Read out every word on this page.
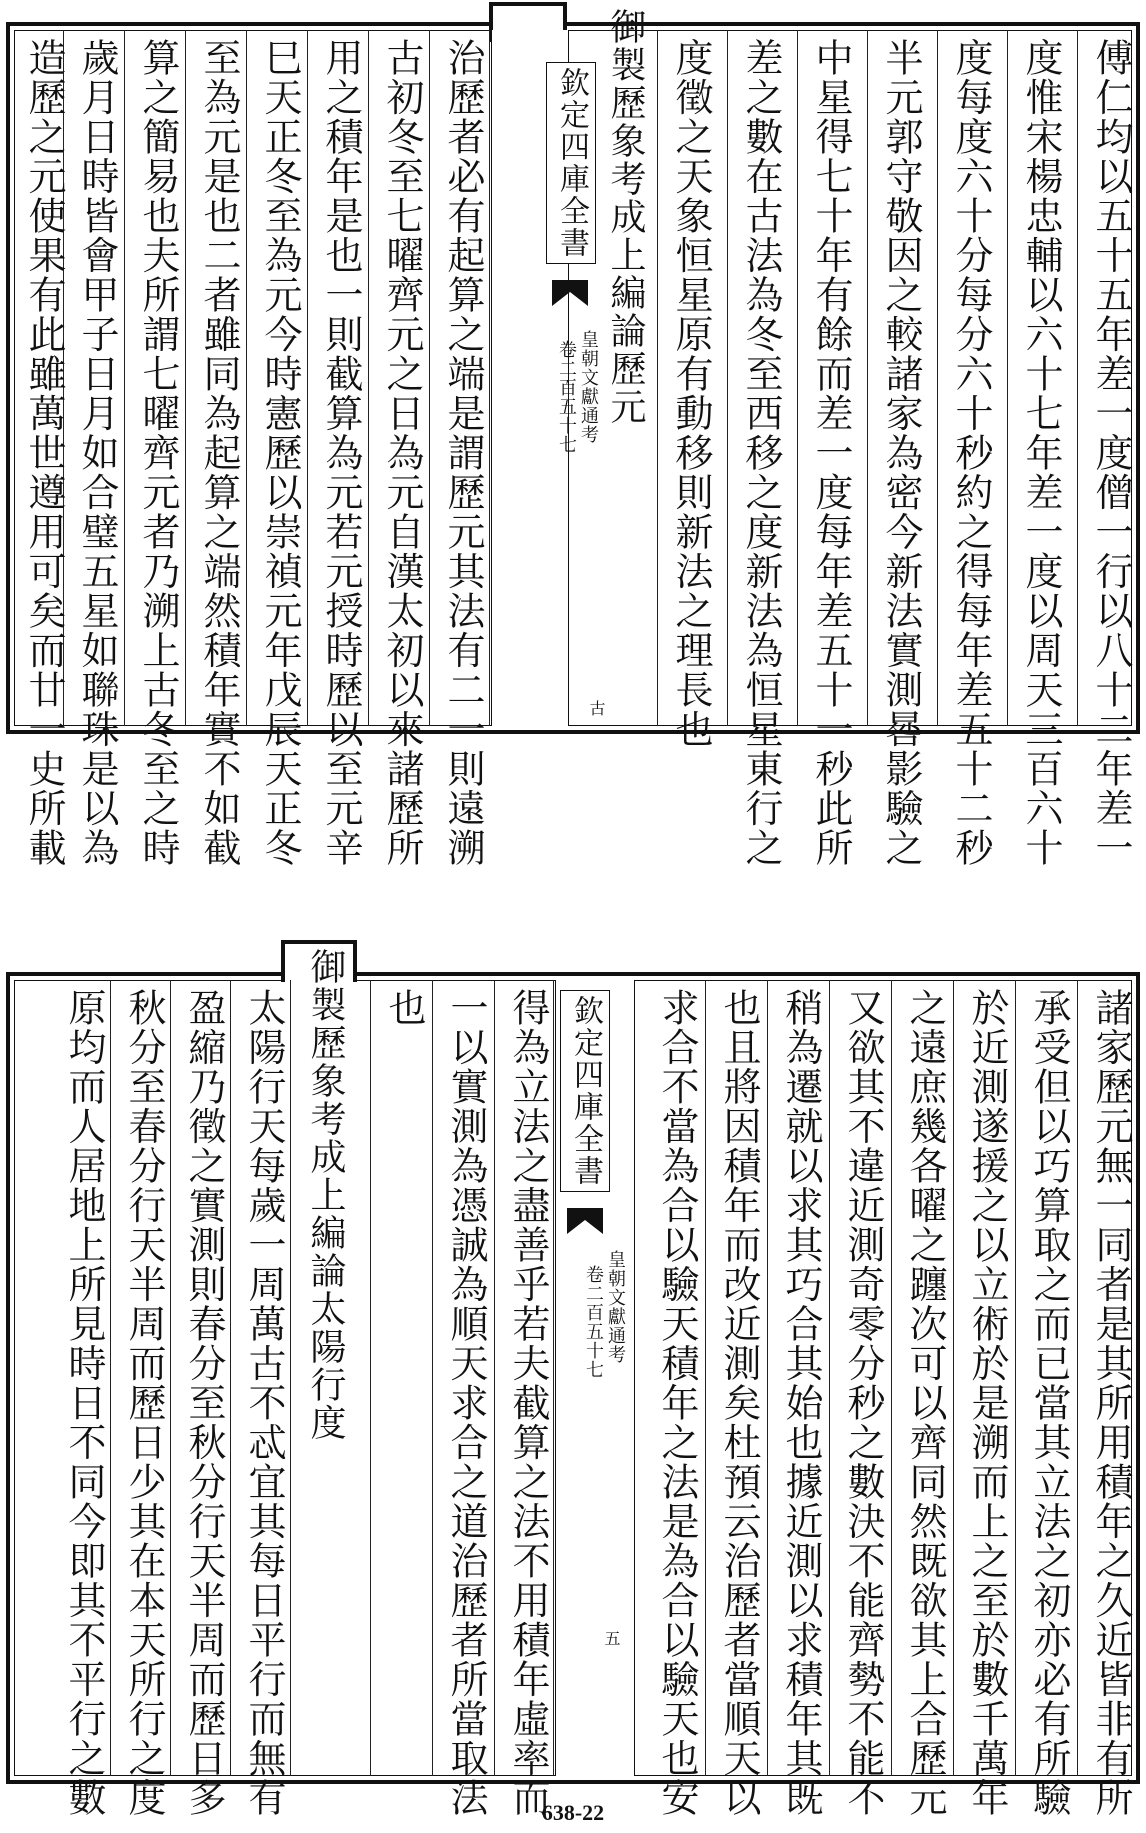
傅仁均以五十五年差一度僧一行以八十二年差一
度惟宋楊忠輔以六十七年差一度以周天三百六十
度每度六十分每分六十秒約之得每年差五十二秒
半元郭守敬因之較諸家為密今新法實測晷影驗之
中星得七十年有餘而差一度每年差五十一秒此所
差之數在古法為冬至西移之度新法為恒星東行之
度徵之天象恒星原有動移則新法之理長也
御製歷象考成上編論歷元
欽定四庫全書
皇朝文獻通考
卷二百五十七
古
治歷者必有起算之端是謂歷元其法有二一則遠溯
古初冬至七曜齊元之日為元自漢太初以來諸歷所
用之積年是也一則截算為元若元授時歷以至元辛
巳天正冬至為元今時憲歷以崇禎元年戊辰天正冬
至為元是也二者雖同為起算之端然積年實不如截
算之簡易也夫所謂七曜齊元者乃溯上古冬至之時
歲月日時皆會甲子日月如合璧五星如聯珠是以為
造歷之元使果有此雖萬世遵用可矣而廿一史所載
諸家歷元無一同者是其所用積年之久近皆非有所
承受但以巧算取之而已當其立法之初亦必有所驗
於近測遂援之以立術於是溯而上之至於數千萬年
之遠庶幾各曜之躔次可以齊同然既欲其上合歷元
又欲其不違近測奇零分秒之數決不能齊勢不能不
稍為遷就以求其巧合其始也據近測以求積年其既
也且將因積年而改近測矣杜預云治歷者當順天以
求合不當為合以驗天積年之法是為合以驗天也安
欽定四庫全書
皇朝文獻通考
卷二百五十七
五
得為立法之盡善乎若夫截算之法不用積年虛率而
一以實測為憑誠為順天求合之道治歷者所當取法
也
御製歷象考成上編論太陽行度
太陽行天每歲一周萬古不忒宜其每日平行而無有
盈縮乃徵之實測則春分至秋分行天半周而歷日多
秋分至春分行天半周而歷日少其在本天所行之度
原均而人居地上所見時日不同今即其不平行之數	638-22
